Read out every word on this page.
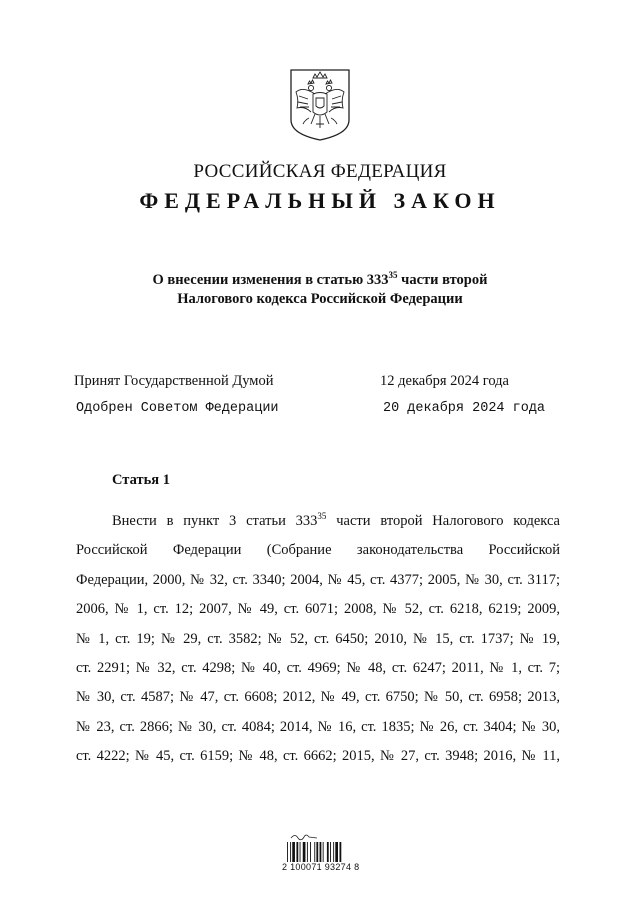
РОССИЙСКАЯ ФЕДЕРАЦИЯ
ФЕДЕРАЛЬНЫЙ ЗАКОН
О внесении изменения в статью $333^{35}$ части второй
Налогового кодекса Российской Федерации
Принят Государственной Думой	12 декабря 2024 года
Одобрен Советом Федерации	20 декабря 2024 года
Статья 1
Внести в пункт 3 статьи $333^{35}$ части второй Налогового кодекса
Российской Федерации (Собрание законодательства Российской
Федерации, 2000, № 32, ст. 3340; 2004, № 45, ст. 4377; 2005, № 30, ст. 3117;
2006, № 1, ст. 12; 2007, № 49, ст. 6071; 2008, № 52, ст. 6218, 6219; 2009,
№ 1, ст. 19; № 29, ст. 3582; № 52, ст. 6450; 2010, № 15, ст. 1737; № 19,
ст. 2291; № 32, ст. 4298; № 40, ст. 4969; № 48, ст. 6247; 2011, № 1, ст. 7;
№ 30, ст. 4587; № 47, ст. 6608; 2012, № 49, ст. 6750; № 50, ст. 6958; 2013,
№ 23, ст. 2866; № 30, ст. 4084; 2014, № 16, ст. 1835; № 26, ст. 3404; № 30,
ст. 4222; № 45, ст. 6159; № 48, ст. 6662; 2015, № 27, ст. 3948; 2016, № 11,
2 100071 93274 8
